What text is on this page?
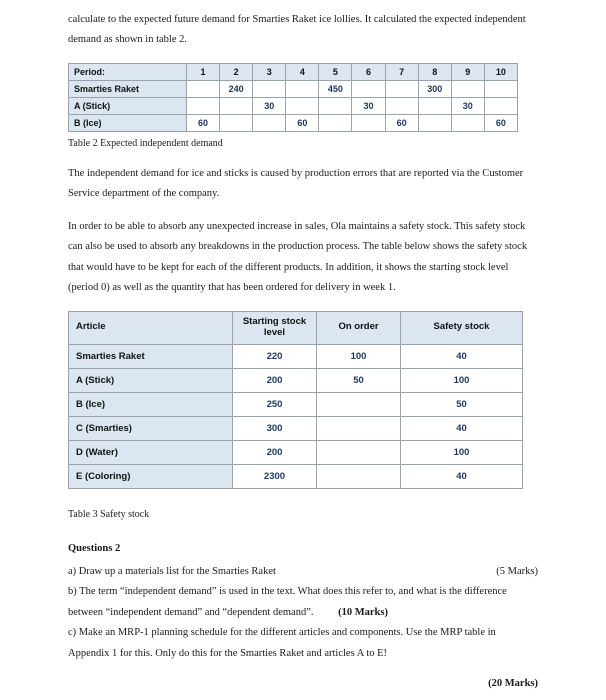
calculate to the expected future demand for Smarties Raket ice lollies. It calculated the expected independent demand as shown in table 2.

Period:	1	2	3	4	5	6	7	8	9	10
Smarties Raket		240			450			300		
A (Stick)			30			30			30	
B (Ice)	60			60			60			60
Table 2 Expected independent demand

The independent demand for ice and sticks is caused by production errors that are reported via the Customer Service department of the company.

In order to be able to absorb any unexpected increase in sales, Ola maintains a safety stock. This safety stock can also be used to absorb any breakdowns in the production process. The table below shows the safety stock that would have to be kept for each of the different products. In addition, it shows the starting stock level (period 0) as well as the quantity that has been ordered for delivery in week 1.

Article	Starting stock level	On order	Safety stock
Smarties Raket	220	100	40
A (Stick)	200	50	100
B (Ice)	250		50
C (Smarties)	300		40
D (Water)	200		100
E (Coloring)	2300		40
Table 3 Safety stock
Questions 2
a) Draw up a materials list for the Smarties Raket	(5 Marks)
b) The term “independent demand” is used in the text. What does this refer to, and what is the difference between “independent demand” and “dependent demand”. (10 Marks)
c) Make an MRP-1 planning schedule for the different articles and components. Use the MRP table in Appendix 1 for this. Only do this for the Smarties Raket and articles A to E!
(20 Marks)
